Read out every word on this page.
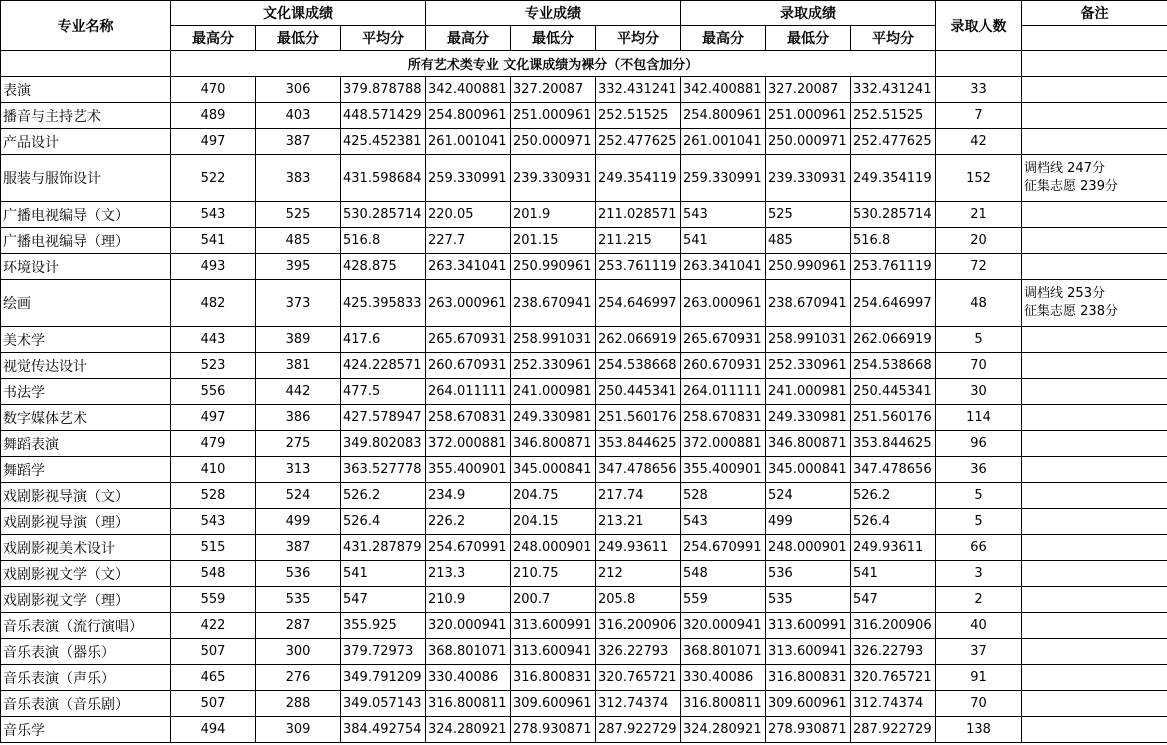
专业名称	文化课成绩			专业成绩			录取成绩			录取人数	备注
	最高分	最低分	平均分	最高分	最低分	平均分	最高分	最低分	平均分		
	所有艺术类专业 文化课成绩为裸分（不包含加分）										
表演	470	306	379.878788	342.400881	327.20087	332.431241	342.400881	327.20087	332.431241	33	

播音与主持艺术	489	403	448.571429	254.800961	251.000961	252.51525	254.800961	251.000961	252.51525	7	

产品设计	497	387	425.452381	261.001041	250.000971	252.477625	261.001041	250.000971	252.477625	42	

服装与服饰设计	522	383	431.598684	259.330991	239.330931	249.354119	259.330991	239.330931	249.354119	152	调档线 247分
征集志愿 239分

广播电视编导（文）	543	525	530.285714	220.05	201.9	211.028571	543	525	530.285714	21	

广播电视编导（理）	541	485	516.8	227.7	201.15	211.215	541	485	516.8	20	

环境设计	493	395	428.875	263.341041	250.990961	253.761119	263.341041	250.990961	253.761119	72	

绘画	482	373	425.395833	263.000961	238.670941	254.646997	263.000961	238.670941	254.646997	48	调档线 253分
征集志愿 238分

美术学	443	389	417.6	265.670931	258.991031	262.066919	265.670931	258.991031	262.066919	5	

视觉传达设计	523	381	424.228571	260.670931	252.330961	254.538668	260.670931	252.330961	254.538668	70	

书法学	556	442	477.5	264.011111	241.000981	250.445341	264.011111	241.000981	250.445341	30	

数字媒体艺术	497	386	427.578947	258.670831	249.330981	251.560176	258.670831	249.330981	251.560176	114	

舞蹈表演	479	275	349.802083	372.000881	346.800871	353.844625	372.000881	346.800871	353.844625	96	

舞蹈学	410	313	363.527778	355.400901	345.000841	347.478656	355.400901	345.000841	347.478656	36	

戏剧影视导演（文）	528	524	526.2	234.9	204.75	217.74	528	524	526.2	5	

戏剧影视导演（理）	543	499	526.4	226.2	204.15	213.21	543	499	526.4	5	

戏剧影视美术设计	515	387	431.287879	254.670991	248.000901	249.93611	254.670991	248.000901	249.93611	66	

戏剧影视文学（文）	548	536	541	213.3	210.75	212	548	536	541	3	

戏剧影视文学（理）	559	535	547	210.9	200.7	205.8	559	535	547	2	

音乐表演（流行演唱）	422	287	355.925	320.000941	313.600991	316.200906	320.000941	313.600991	316.200906	40	

音乐表演（器乐）	507	300	379.72973	368.801071	313.600941	326.22793	368.801071	313.600941	326.22793	37	

音乐表演（声乐）	465	276	349.791209	330.40086	316.800831	320.765721	330.40086	316.800831	320.765721	91	

音乐表演（音乐剧）	507	288	349.057143	316.800811	309.600961	312.74374	316.800811	309.600961	312.74374	70	

音乐学	494	309	384.492754	324.280921	278.930871	287.922729	324.280921	278.930871	287.922729	138	
